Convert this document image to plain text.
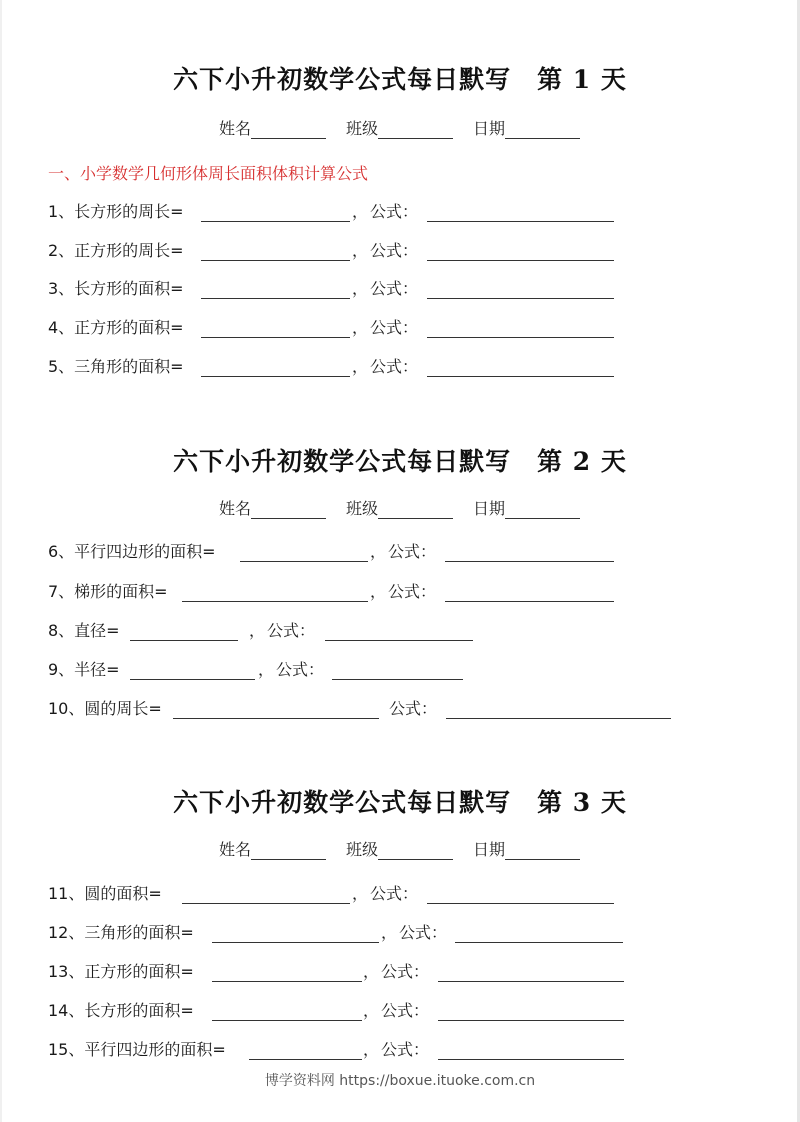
六下小升初数学公式每日默写　第 1 天
姓名	班级	日期
一、小学数学几何形体周长面积体积计算公式
1、长方形的周长=	， 公式：
2、正方形的周长=	， 公式：
3、长方形的面积=	， 公式：
4、正方形的面积=	， 公式：
5、三角形的面积=	， 公式：
六下小升初数学公式每日默写　第 2 天
姓名	班级	日期
6、平行四边形的面积=	， 公式：
7、梯形的面积=	， 公式：
8、直径=	， 公式：
9、半径=	， 公式：
10、圆的周长=	公式：
六下小升初数学公式每日默写　第 3 天
姓名	班级	日期
11、圆的面积=	， 公式：
12、三角形的面积=	， 公式：
13、正方形的面积=	， 公式：
14、长方形的面积=	， 公式：
15、平行四边形的面积=	， 公式：
博学资料网 https://boxue.ituoke.com.cn
